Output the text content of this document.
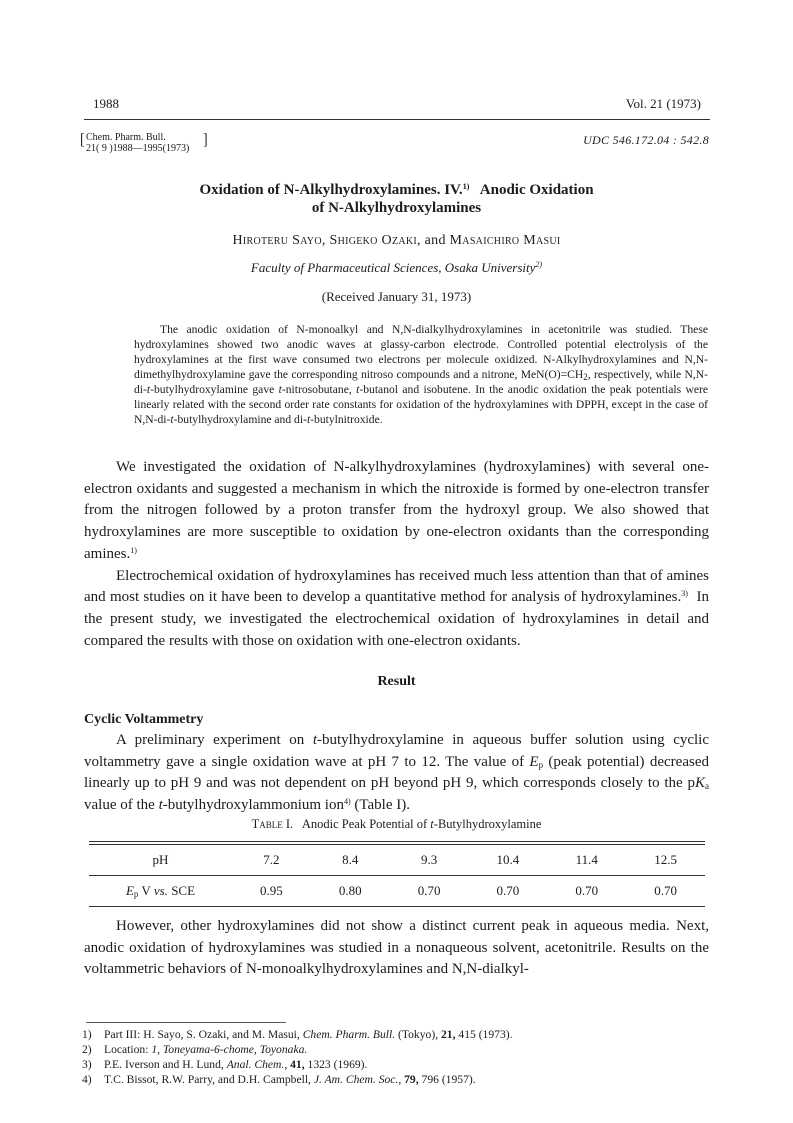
1988	Vol. 21 (1973)
[ Chem. Pharm. Bull.
21( 9 )1988—1995(1973) ]	UDC 546.172.04 : 542.8
Oxidation of N-Alkylhydroxylamines. IV.$^{1)}$   Anodic Oxidation
of N-Alkylhydroxylamines
Hiroteru Sayo, Shigeko Ozaki, and Masaichiro Masui
Faculty of Pharmaceutical Sciences, Osaka University$^{2)}$
(Received January 31, 1973)

The anodic oxidation of N-monoalkyl and N,N-dialkylhydroxylamines in acetonitrile was studied. These hydroxylamines showed two anodic waves at glassy-carbon electrode. Controlled potential electrolysis of the hydroxylamines at the first wave consumed two electrons per molecule oxidized. N-Alkylhydroxylamines and N,N-dimethylhydroxylamine gave the corresponding nitroso compounds and a nitrone, $MeN(O)=CH_2$, respectively, while N,N-di-t-butylhydroxylamine gave t-nitrosobutane, t-butanol and isobutene. In the anodic oxidation the peak potentials were linearly related with the second order rate constants for oxidation of the hydroxylamines with DPPH, except in the case of N,N-di-t-butylhydroxylamine and di-t-butylnitroxide.

We investigated the oxidation of N-alkylhydroxylamines (hydroxylamines) with several one-electron oxidants and suggested a mechanism in which the nitroxide is formed by one-electron transfer from the nitrogen followed by a proton transfer from the hydroxyl group. We also showed that hydroxylamines are more susceptible to oxidation by one-electron oxidants than the corresponding amines.$^{1)}$

Electrochemical oxidation of hydroxylamines has received much less attention than that of amines and most studies on it have been to develop a quantitative method for analysis of hydroxylamines.$^{3)}$  In the present study, we investigated the electrochemical oxidation of hydroxylamines in detail and compared the results with those on oxidation with one-electron oxidants.

Result
Cyclic Voltammetry

A preliminary experiment on t-butylhydroxylamine in aqueous buffer solution using cyclic voltammetry gave a single oxidation wave at pH 7 to 12. The value of $E_p$ (peak potential) decreased linearly up to pH 9 and was not dependent on pH beyond pH 9, which corresponds closely to the $pK_a$ value of the t-butylhydroxylammonium ion$^{4)}$ (Table I).

Table I.   Anodic Peak Potential of t-Butylhydroxylamine
pH	7.2	8.4	9.3	10.4	11.4	12.5
$E_p$ V vs. SCE	0.95	0.80	0.70	0.70	0.70	0.70

However, other hydroxylamines did not show a distinct current peak in aqueous media. Next, anodic oxidation of hydroxylamines was studied in a nonaqueous solvent, acetonitrile. Results on the voltammetric behaviors of N-monoalkylhydroxylamines and N,N-dialkyl-

1) Part III: H. Sayo, S. Ozaki, and M. Masui, Chem. Pharm. Bull. (Tokyo), 21, 415 (1973).
2) Location: 1, Toneyama-6-chome, Toyonaka.
3) P.E. Iverson and H. Lund, Anal. Chem., 41, 1323 (1969).
4) T.C. Bissot, R.W. Parry, and D.H. Campbell, J. Am. Chem. Soc., 79, 796 (1957).
